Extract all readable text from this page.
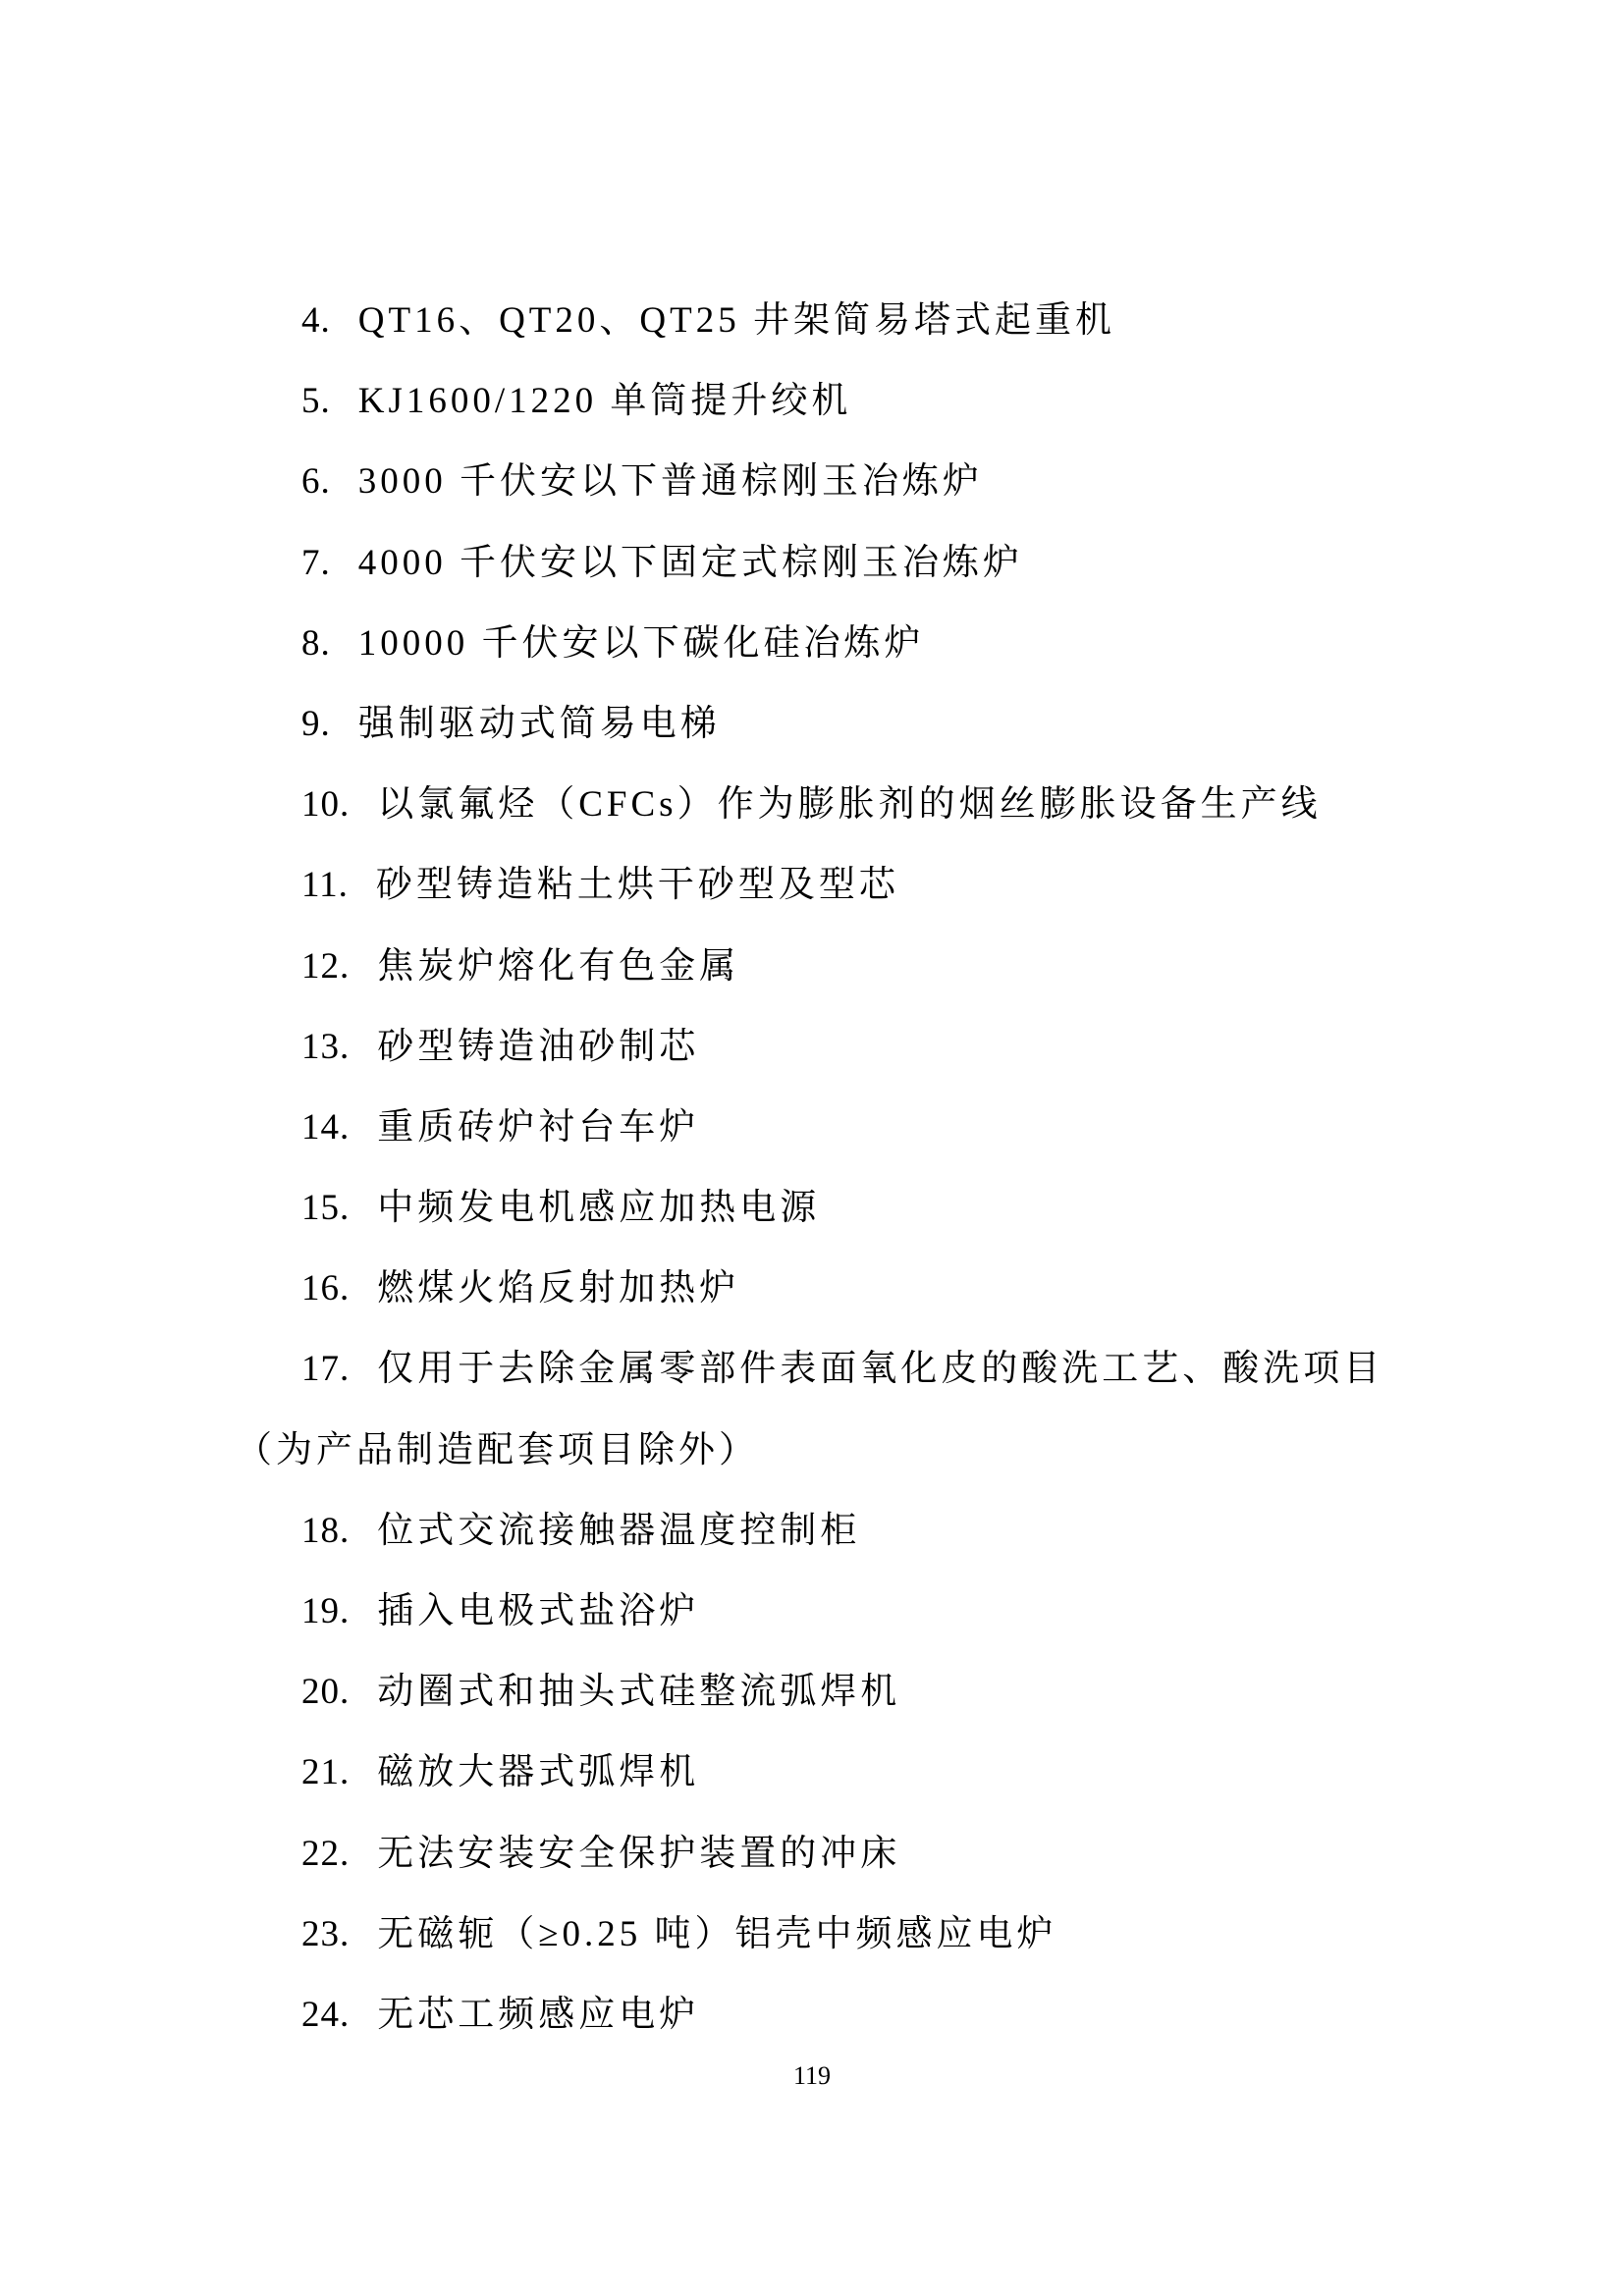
4. QT16、QT20、QT25 井架简易塔式起重机
5. KJ1600/1220 单筒提升绞机
6. 3000 千伏安以下普通棕刚玉冶炼炉
7. 4000 千伏安以下固定式棕刚玉冶炼炉
8. 10000 千伏安以下碳化硅冶炼炉
9. 强制驱动式简易电梯
10. 以氯氟烃（CFCs）作为膨胀剂的烟丝膨胀设备生产线
11. 砂型铸造粘土烘干砂型及型芯
12. 焦炭炉熔化有色金属
13. 砂型铸造油砂制芯
14. 重质砖炉衬台车炉
15. 中频发电机感应加热电源
16. 燃煤火焰反射加热炉
17. 仅用于去除金属零部件表面氧化皮的酸洗工艺、酸洗项目
（为产品制造配套项目除外）
18. 位式交流接触器温度控制柜
19. 插入电极式盐浴炉
20. 动圈式和抽头式硅整流弧焊机
21. 磁放大器式弧焊机
22. 无法安装安全保护装置的冲床
23. 无磁轭（≥0.25 吨）铝壳中频感应电炉
24. 无芯工频感应电炉
119
